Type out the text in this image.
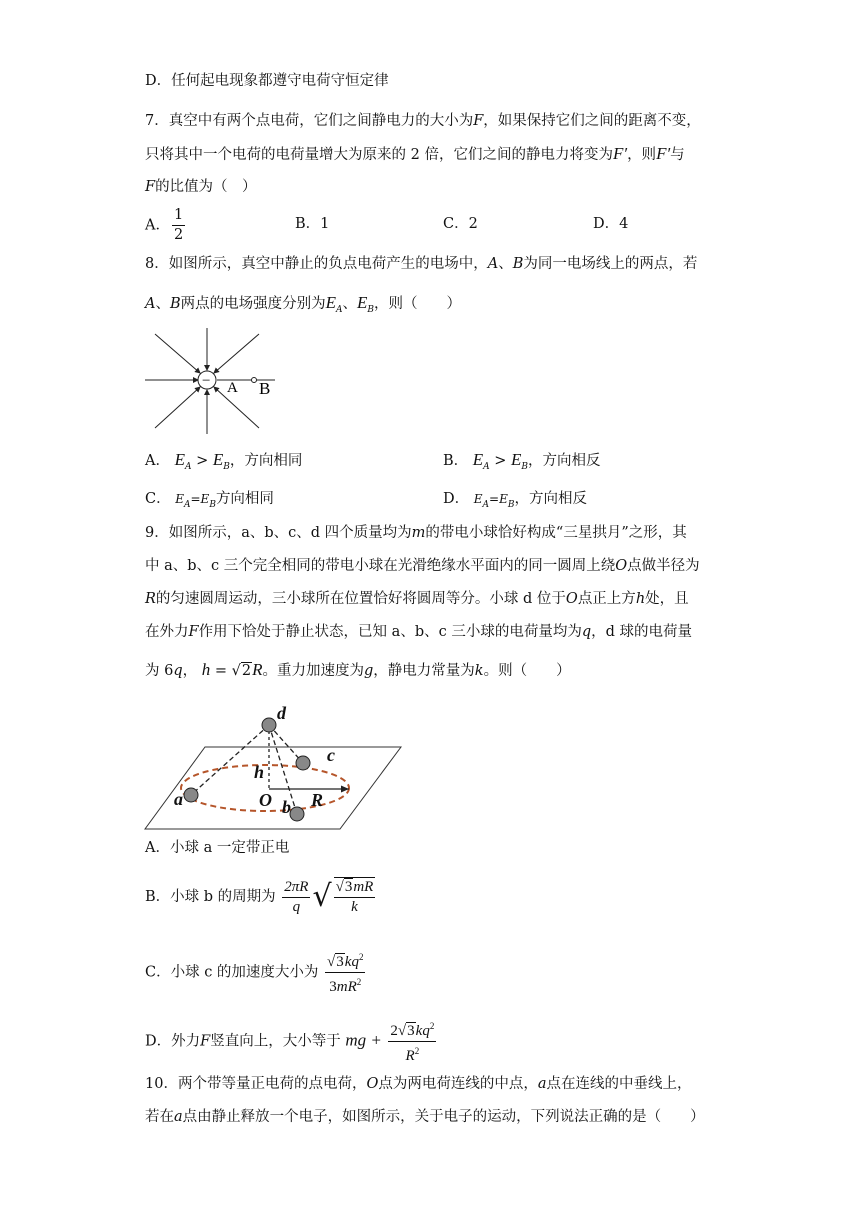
D．任何起电现象都遵守电荷守恒定律
7．真空中有两个点电荷，它们之间静电力的大小为F，如果保持它们之间的距离不变，
只将其中一个电荷的电荷量增大为原来的 2 倍，它们之间的静电力将变为F′，则F′与
F的比值为（　）
A． $\frac{1}{2}$	B．1	C．2	D．4
8．如图所示，真空中静止的负点电荷产生的电场中，A、B为同一电场线上的两点，若
A、B两点的电场强度分别为$E_A$、$E_B$，则（　　）
− A B
A． $E_A > E_B$，方向相同	B． $E_A > E_B$，方向相反
C． $E_A=E_B$方向相同	D． $E_A=E_B$，方向相反
9．如图所示，a、b、c、d 四个质量均为m的带电小球恰好构成“三星拱月”之形，其
中 a、b、c 三个完全相同的带电小球在光滑绝缘水平面内的同一圆周上绕O点做半径为
R的匀速圆周运动，三小球所在位置恰好将圆周等分。小球 d 位于O点正上方h处，且
在外力F作用下恰处于静止状态，已知 a、b、c 三小球的电荷量均为q，d 球的电荷量
为 6q， h = √2R。重力加速度为g，静电力常量为k。则（　　）
d
c
h
O b
a	R
A．小球 a 一定带正电
B．小球 b 的周期为 $\frac{2\pi R}{q}$ √ $\frac{√3mR}{k}$
C．小球 c 的加速度大小为 $\frac{√3kq^2}{3mR^2}$
D．外力F竖直向上，大小等于 mg + $\frac{2√3kq^2}{R^2}$
10．两个带等量正电荷的点电荷，O点为两电荷连线的中点，a点在连线的中垂线上，
若在a点由静止释放一个电子，如图所示，关于电子的运动，下列说法正确的是（　　）
